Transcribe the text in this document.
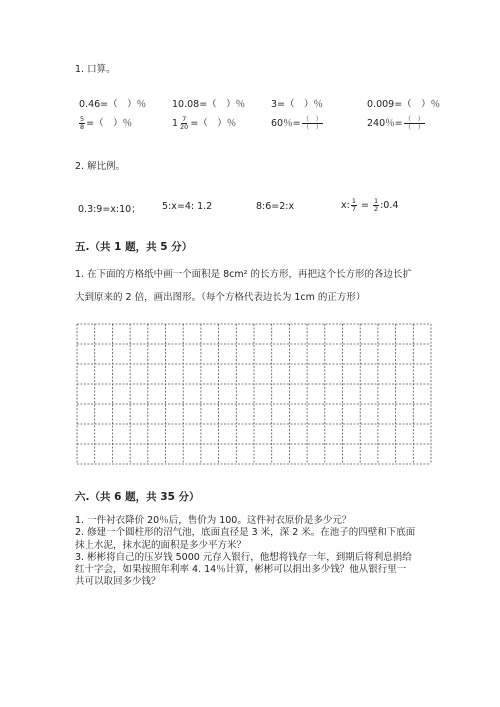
1. 口算。
0.46=（　）％	10.08=（　）％	3=（　）％	0.009=（　）％
$\frac{5}{8}$ =（　）％	$1 \frac{7}{20}$ =（　）％	60％= $\frac{( )}{( )}$	240％= $\frac{( )}{( )}$
2. 解比例。
0.3:9=x:10； 5:x=4: 1.2	8:6=2:x	x: $\frac{1}{7} = \frac{1}{2}$ :0.4
五.（共 1 题，共 5 分）
1. 在下面的方格纸中画一个面积是 8cm² 的长方形，再把这个长方形的各边长扩
大到原来的 2 倍，画出图形。（每个方格代表边长为 1cm 的正方形）
六.（共 6 题，共 35 分）
1. 一件衬衣降价 20％后，售价为 100。这件衬衣原价是多少元？
2. 修建一个圆柱形的沼气池，底面直径是 3 米，深 2 米。在池子的四壁和下底面
抹上水泥，抹水泥的面积是多少平方米？
3. 彬彬将自己的压岁钱 5000 元存入银行，他想将钱存一年，到期后将利息捐给
红十字会，如果按照年利率 4. 14％计算，彬彬可以捐出多少钱？他从银行里一
共可以取回多少钱？
